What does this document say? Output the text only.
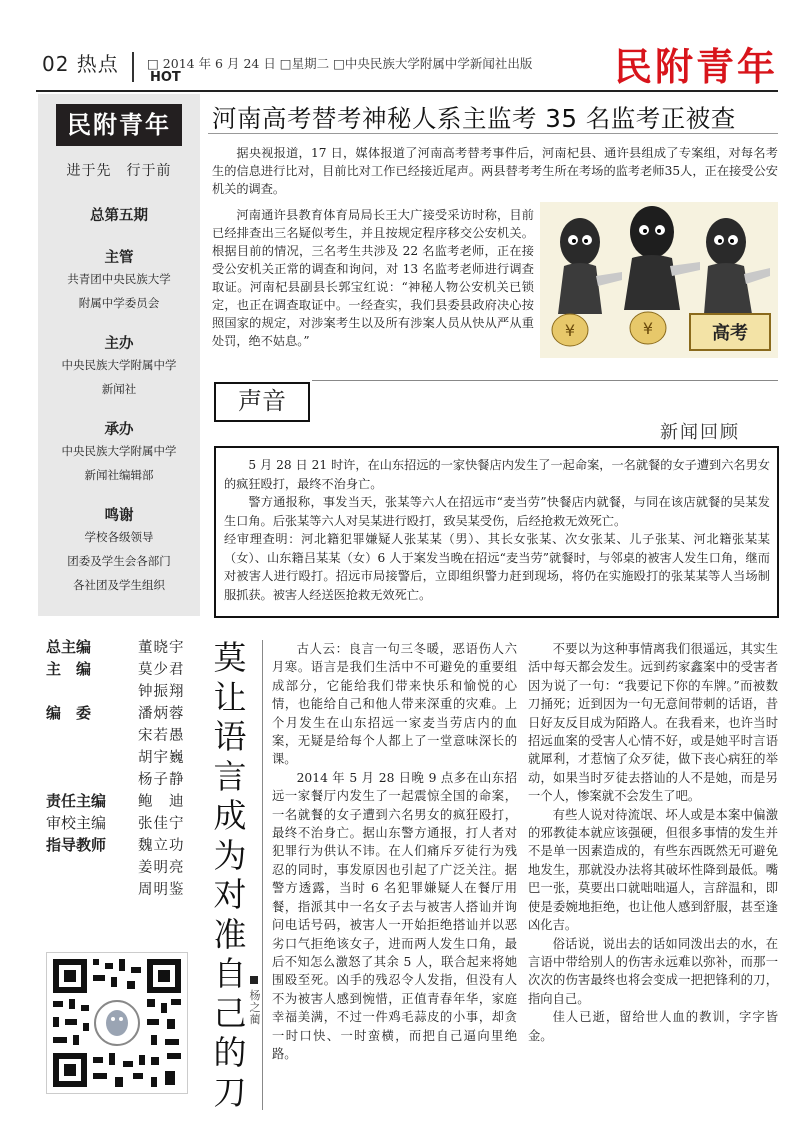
02 热点 □ 2014 年 6 月 24 日 □星期二 □中央民族大学附属中学新闻社出版
HOT	民附青年
民附青年
进于先　行于前
总第五期
主管
共青团中央民族大学
附属中学委员会
主办
中央民族大学附属中学
新闻社
承办
中央民族大学附属中学
新闻社编辑部
鸣谢
学校各级领导
团委及学生会各部门
各社团及学生组织
总主编	董晓宇
主　编	莫少君
钟振翔
编　委	潘炳蓉
宋若愚
胡宇巍
杨子静
责任主编 鲍　迪
审校主编 张佳宁
指导教师 魏立功
姜明亮
周明鉴
河南高考替考神秘人系主监考 35 名监考正被查
据央视报道，17 日，媒体报道了河南高考替考事件后，河南杞县、通许县组成了专案组，对每名考生的信息进行比对，目前比对工作已经接近尾声。两县替考考生所在考场的监考老师35人，正在接受公安机关的调查。
河南通许县教育体育局局长王大广接受采访时称，目前已经排查出三名疑似考生，并且按规定程序移交公安机关。根据目前的情况，三名考生共涉及 22 名监考老师，正在接受公安机关正常的调查和询问，对 13 名监考老师进行调查取证。河南杞县副县长郭宝红说：“神秘人物公安机关已锁定，也正在调查取证中。一经查实，我们县委县政府决心按照国家的规定，对涉案考生以及所有涉案人员从快从严从重处罚，绝不姑息。”
¥	¥	高考
声音
新闻回顾

5 月 28 日 21 时许，在山东招远的一家快餐店内发生了一起命案，一名就餐的女子遭到六名男女的疯狂殴打，最终不治身亡。

警方通报称，事发当天，张某等六人在招远市“麦当劳”快餐店内就餐，与同在该店就餐的吴某发生口角。后张某等六人对吴某进行殴打，致吴某受伤，后经抢救无效死亡。

经审理查明：河北籍犯罪嫌疑人张某某（男）、其长女张某、次女张某、儿子张某、河北籍张某某（女）、山东籍吕某某（女）6 人于案发当晚在招远“麦当劳”就餐时，与邻桌的被害人发生口角，继而对被害人进行殴打。招远市局接警后，立即组织警力赶到现场，将仍在实施殴打的张某某等人当场制服抓获。被害人经送医抢救无效死亡。

莫让语言成为对准自己的刀
杨之蔺

古人云：良言一句三冬暖，恶语伤人六月寒。语言是我们生活中不可避免的重要组成部分，它能给我们带来快乐和愉悦的心情，也能给自己和他人带来深重的灾难。上个月发生在山东招远一家麦当劳店内的血案，无疑是给每个人都上了一堂意味深长的课。

2014 年 5 月 28 日晚 9 点多在山东招远一家餐厅内发生了一起震惊全国的命案，一名就餐的女子遭到六名男女的疯狂殴打，最终不治身亡。据山东警方通报，打人者对犯罪行为供认不讳。在人们痛斥歹徒行为残忍的同时，事发原因也引起了广泛关注。据警方透露，当时 6 名犯罪嫌疑人在餐厅用餐，指派其中一名女子去与被害人搭讪并询问电话号码，被害人一开始拒绝搭讪并以恶劣口气拒绝该女子，进而两人发生口角，最后不知怎么激怒了其余 5 人，联合起来将她围殴至死。凶手的残忍令人发指，但没有人不为被害人感到惋惜，正值青春年华，家庭幸福美满，不过一件鸡毛蒜皮的小事，却贪一时口快、一时蛮横，而把自己逼向里绝路。

不要以为这种事情离我们很遥远，其实生活中每天都会发生。远到药家鑫案中的受害者因为说了一句：“我要记下你的车牌。”而被数刀捅死；近到因为一句无意间带刺的话语，昔日好友反目成为陌路人。在我看来，也许当时招远血案的受害人心情不好，或是她平时言语就犀利，才惹恼了众歹徒，做下丧心病狂的举动，如果当时歹徒去搭讪的人不是她，而是另一个人，惨案就不会发生了吧。

有些人说对待流氓、坏人或是本案中偏激的邪教徒本就应该强硬，但很多事情的发生并不是单一因素造成的，有些东西既然无可避免地发生，那就没办法将其破坏性降到最低。嘴巴一张，莫要出口就咄咄逼人，言辞温和，即使是委婉地拒绝，也让他人感到舒服，甚至逢凶化吉。

俗话说，说出去的话如同泼出去的水，在言语中带给别人的伤害永远难以弥补，而那一次次的伤害最终也将会变成一把把锋利的刀，指向自己。

佳人已逝，留给世人血的教训，字字皆金。
